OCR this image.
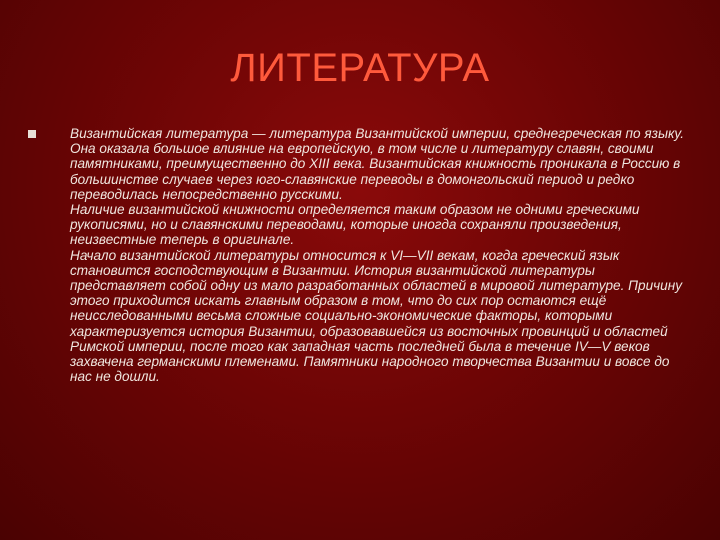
ЛИТЕРАТУРА

Византийская литература — литература Византийской империи, среднегреческая по языку.

Она оказала большое влияние на европейскую, в том числе и литературу славян, своими памятниками, преимущественно до XIII века. Византийская книжность проникала в Россию в большинстве случаев через юго-славянские переводы в домонгольский период и редко переводилась непосредственно русскими.

Наличие византийской книжности определяется таким образом не одними греческими рукописями, но и славянскими переводами, которые иногда сохраняли произведения, неизвестные теперь в оригинале.

Начало византийской литературы относится к VI—VII векам, когда греческий язык становится господствующим в Византии. История византийской литературы представляет собой одну из мало разработанных областей в мировой литературе. Причину этого приходится искать главным образом в том, что до сих пор остаются ещё неисследованными весьма сложные социально-экономические факторы, которыми характеризуется история Византии, образовавшейся из восточных провинций и областей Римской империи, после того как западная часть последней была в течение IV—V веков захвачена германскими племенами. Памятники народного творчества Византии и вовсе до нас не дошли.
